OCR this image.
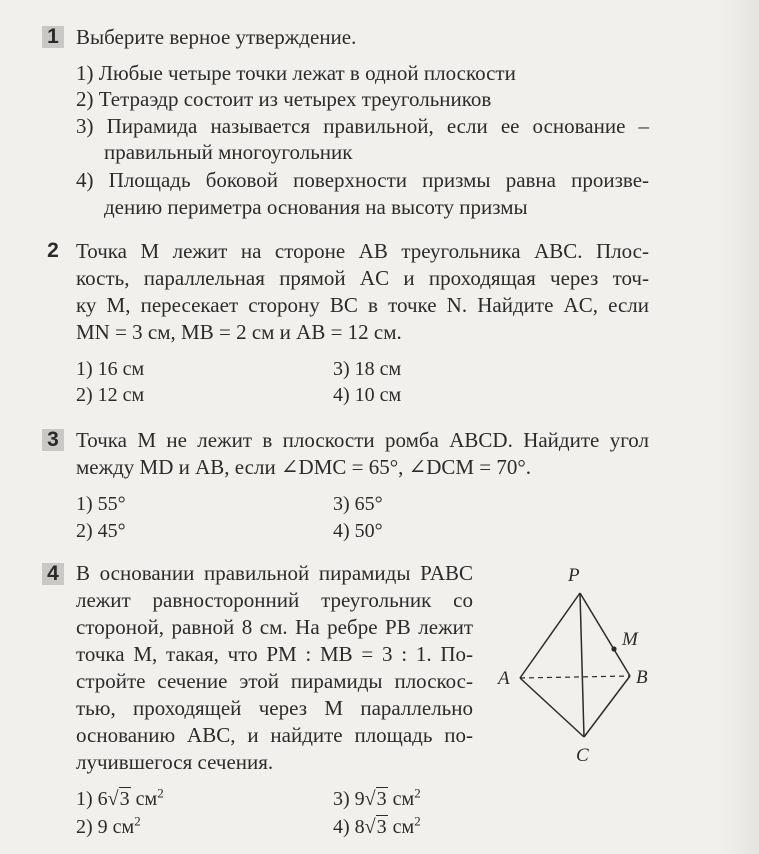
1 Выберите верное утверждение.
1) Любые четыре точки лежат в одной плоскости
2) Тетраэдр состоит из четырех треугольников
3) Пирамида называется правильной, если ее основание –
правильный многоугольник
4) Площадь боковой поверхности призмы равна произве-
дению периметра основания на высоту призмы
2 Точка M лежит на стороне AB треугольника ABC. Плос-
кость, параллельная прямой AC и проходящая через точ-
ку M, пересекает сторону BC в точке N. Найдите AC, если
MN = 3 см, MB = 2 см и AB = 12 см.
1) 16 см
2) 12 см
3) 18 см
4) 10 см
3 Точка M не лежит в плоскости ромба ABCD. Найдите угол
между MD и AB, если ∠DMC = 65°, ∠DCM = 70°.
1) 55°
2) 45°
3) 65°
4) 50°
4 В основании правильной пирамиды PABC
лежит равносторонний треугольник со
стороной, равной 8 см. На ребре PB лежит
точка M, такая, что PM : MB = 3 : 1. По-
стройте сечение этой пирамиды плоскос-
тью, проходящей через M параллельно
основанию ABC, и найдите площадь по-
лучившегося сечения.
1) 6√3 $см^2$
2) 9 $см^2$
3) 9√3 $см^2$
4) 8√3 $см^2$
P
M
A	B
C
